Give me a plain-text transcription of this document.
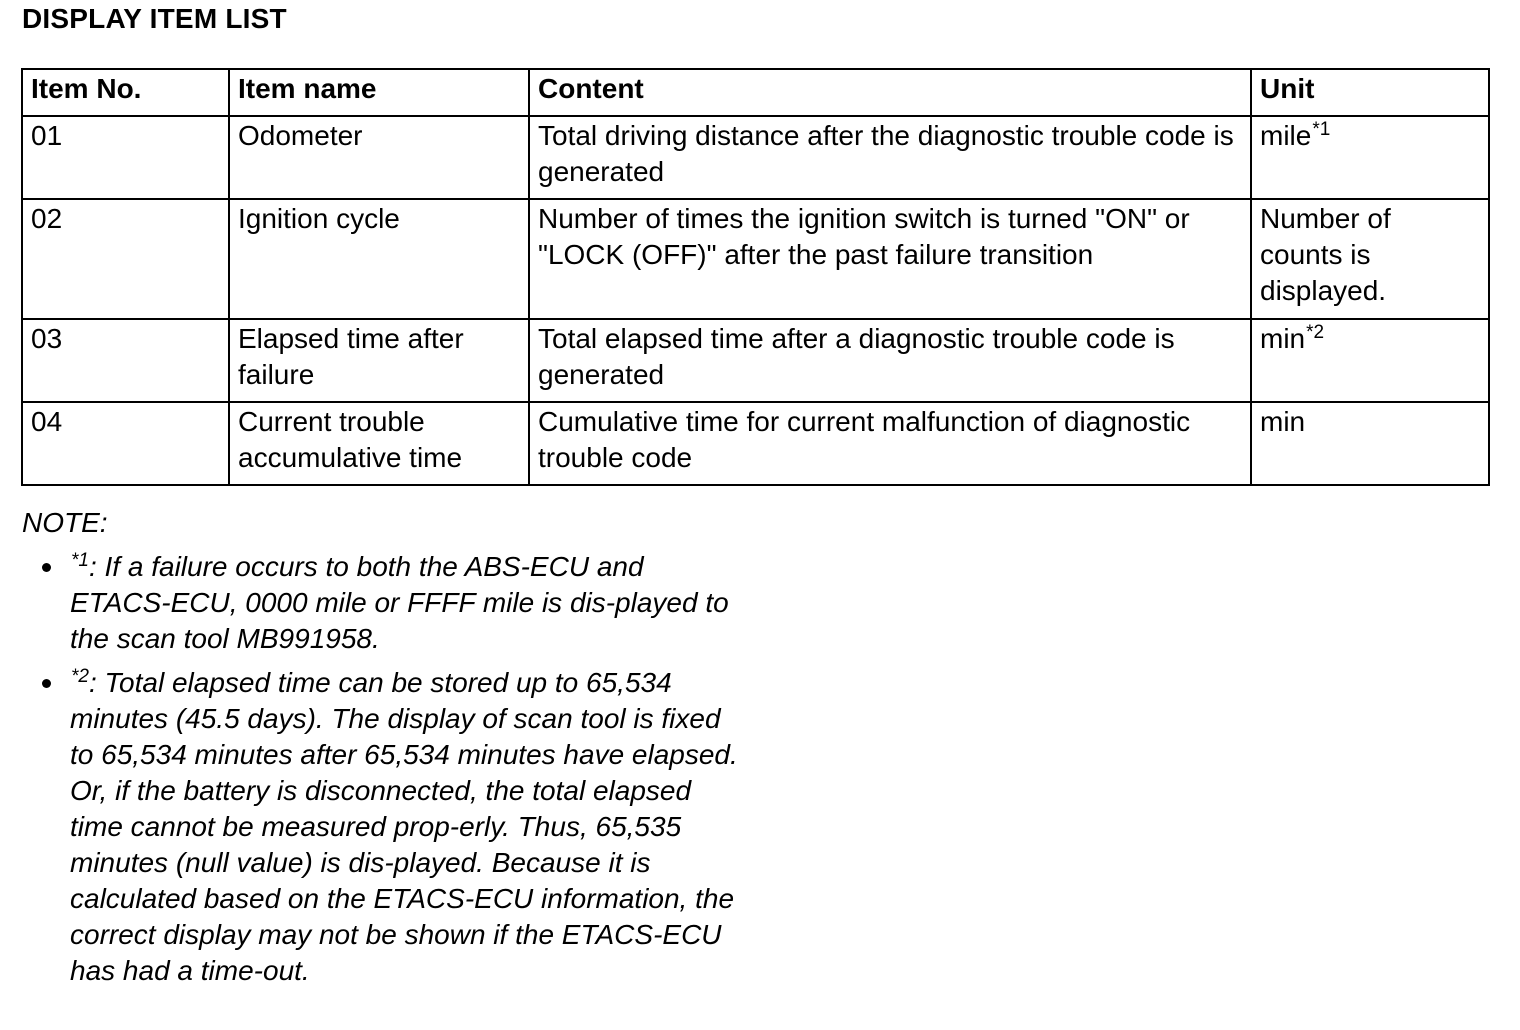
DISPLAY ITEM LIST
Item No.	Item name	Content	Unit
01	Odometer	Total driving distance after the diagnostic trouble code is generated	mile$^{*1}$
02	Ignition cycle	Number of times the ignition switch is turned "ON" or "LOCK (OFF)" after the past failure transition	Number of counts is displayed.
03	Elapsed time after failure	Total elapsed time after a diagnostic trouble code is generated	$\min^{*2}$
04	Current trouble accumulative time	Cumulative time for current malfunction of diagnostic trouble code	min

NOTE:

$^{*1}$: If a failure occurs to both the ABS-ECU and ETACS-ECU, 0000 mile or FFFF mile is dis-played to the scan tool MB991958.
$^{*2}$: Total elapsed time can be stored up to 65,534 minutes (45.5 days). The display of scan tool is fixed to 65,534 minutes after 65,534 minutes have elapsed. Or, if the battery is disconnected, the total elapsed time cannot be measured prop-erly. Thus, 65,535 minutes (null value) is dis-played. Because it is calculated based on the ETACS-ECU information, the correct display may not be shown if the ETACS-ECU has had a time-out.
